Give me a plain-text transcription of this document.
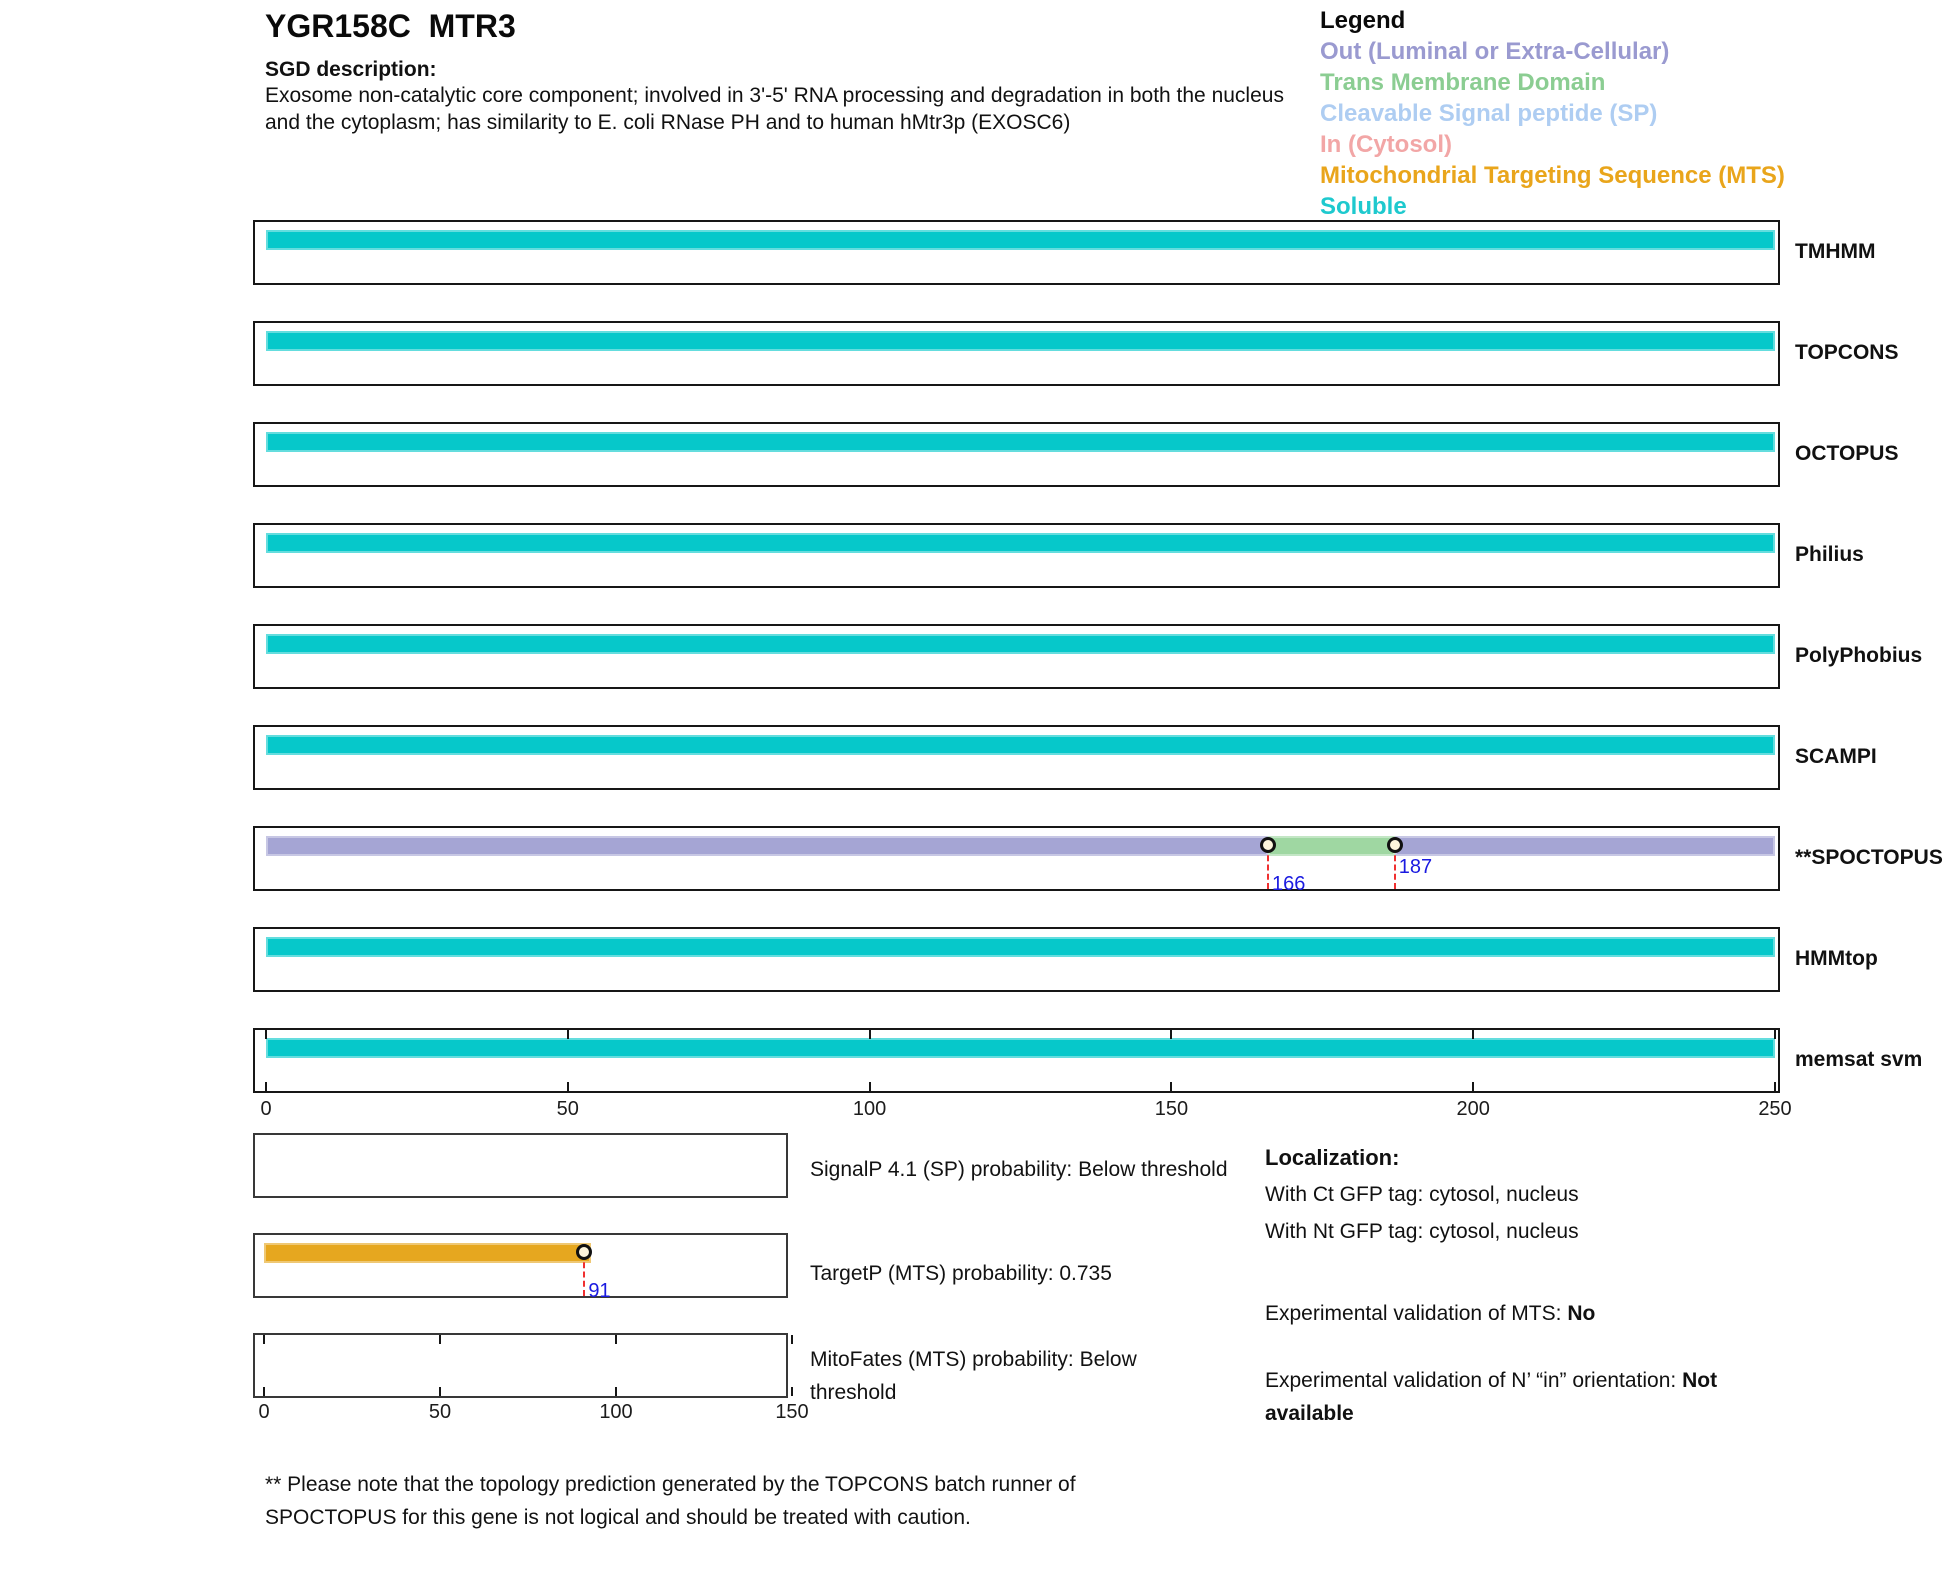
YGR158C  MTR3
SGD description:
Exosome non-catalytic core component; involved in 3'-5' RNA processing and degradation in both the nucleus
and the cytoplasm; has similarity to E. coli RNase PH and to human hMtr3p (EXOSC6)
Legend
Out (Luminal or Extra-Cellular)
Trans Membrane Domain
Cleavable Signal peptide (SP)
In (Cytosol)
Mitochondrial Targeting Sequence (MTS)
Soluble
TMHMM
TOPCONS
OCTOPUS
Philius
PolyPhobius
SCAMPI
166
187	**SPOCTOPUS
HMMtop
memsat svm
0	50	100	150	200	250
SignalP 4.1 (SP) probability: Below threshold
91
TargetP (MTS) probability: 0.735
MitoFates (MTS) probability: Below
threshold
0	50	100	150
Localization:
With Ct GFP tag: cytosol, nucleus
With Nt GFP tag: cytosol, nucleus
Experimental validation of MTS: No
Experimental validation of N’ “in” orientation: Not available
** Please note that the topology prediction generated by the TOPCONS batch runner of
SPOCTOPUS for this gene is not logical and should be treated with caution.
